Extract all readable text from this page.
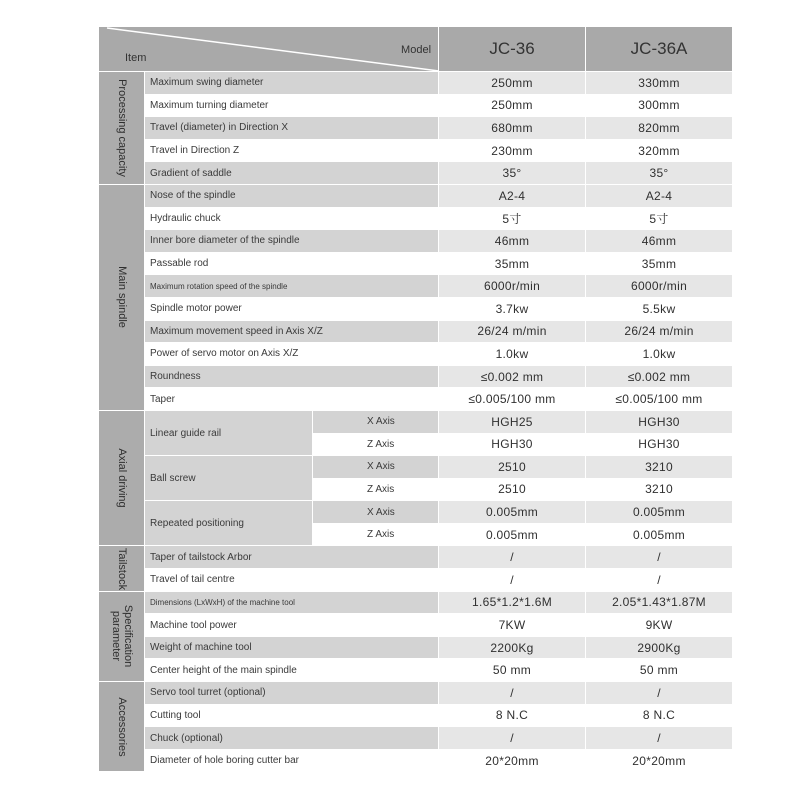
Item
Model			JC-36	JC-36A

Processing capacity	Maximum swing diameter		250mm	330mm
	Maximum turning diameter		250mm	300mm
	Travel (diameter) in Direction X		680mm	820mm
	Travel in Direction Z		230mm	320mm
	Gradient of saddle		35°	35°

Main spindle	Nose of the spindle		A2-4	A2-4
	Hydraulic chuck		5寸	5寸
	Inner bore diameter of the spindle		46mm	46mm
	Passable rod		35mm	35mm
	Maximum rotation speed of the spindle		6000r/min	6000r/min
	Spindle motor power		3.7kw	5.5kw
	Maximum movement speed in Axis X/Z		26/24 m/min	26/24 m/min
	Power of servo motor on Axis X/Z		1.0kw	1.0kw
	Roundness		≤0.002 mm	≤0.002 mm
	Taper		≤0.005/100 mm	≤0.005/100 mm

Axial driving	Linear guide rail	X Axis	HGH25	HGH30
		Z Axis	HGH30	HGH30
	Ball screw	X Axis	2510	3210
		Z Axis	2510	3210
	Repeated positioning	X Axis	0.005mm	0.005mm
		Z Axis	0.005mm	0.005mm

Tailstock	Taper of tailstock Arbor		/	/
	Travel of tail centre		/	/

Specification parameter	Dimensions (LxWxH) of the machine tool		1.65*1.2*1.6M	2.05*1.43*1.87M
	Machine tool power		7KW	9KW
	Weight of machine tool		2200Kg	2900Kg
	Center height of the main spindle		50 mm	50 mm

Accessories	Servo tool turret (optional)		/	/
	Cutting tool		8 N.C	8 N.C
	Chuck (optional)		/	/
	Diameter of hole boring cutter bar		20*20mm	20*20mm
